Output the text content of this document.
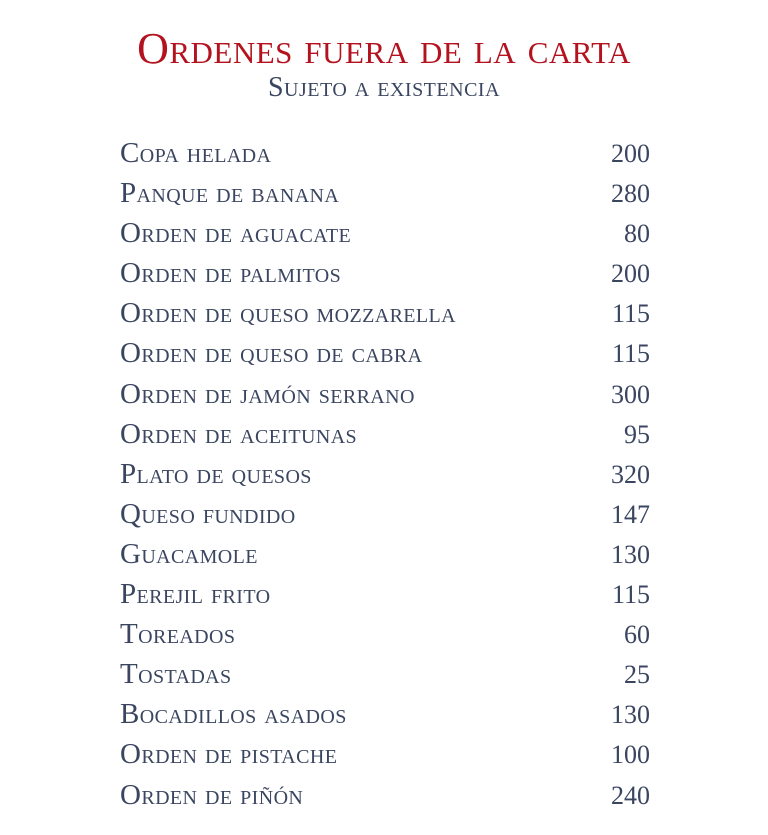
Ordenes fuera de la carta
Sujeto a existencia
Copa helada	200
Panque de banana	280
Orden de aguacate	80
Orden de palmitos	200
Orden de queso mozzarella	115
Orden de queso de cabra	115
Orden de jamón serrano	300
Orden de aceitunas	95
Plato de quesos	320
Queso fundido	147
Guacamole	130
Perejil frito	115
Toreados	60
Tostadas	25
Bocadillos asados	130
Orden de pistache	100
Orden de piñón	240
